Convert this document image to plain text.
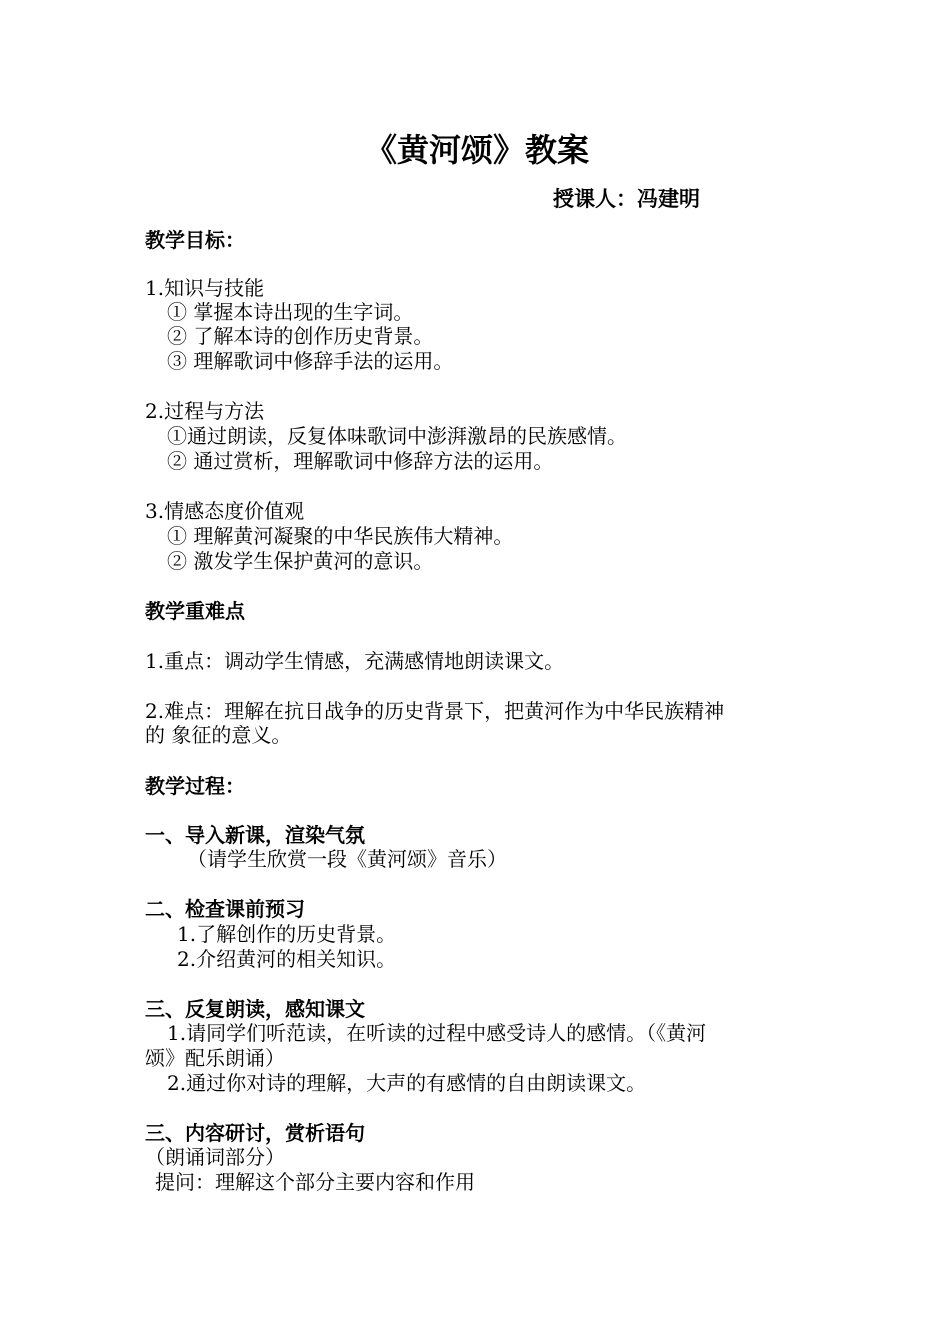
《黄河颂》教案
授课人：冯建明
教学目标：
1.知识与技能
① 掌握本诗出现的生字词。
② 了解本诗的创作历史背景。
③ 理解歌词中修辞手法的运用。
2.过程与方法
①通过朗读，反复体味歌词中澎湃激昂的民族感情。
② 通过赏析，理解歌词中修辞方法的运用。
3.情感态度价值观
① 理解黄河凝聚的中华民族伟大精神。
② 激发学生保护黄河的意识。
教学重难点
1.重点：调动学生情感，充满感情地朗读课文。
2.难点：理解在抗日战争的历史背景下，把黄河作为中华民族精神
的 象征的意义。
教学过程：
一、导入新课，渲染气氛
（请学生欣赏一段《黄河颂》音乐）
二、检查课前预习
1.了解创作的历史背景。
2.介绍黄河的相关知识。
三、反复朗读，感知课文
1.请同学们听范读，在听读的过程中感受诗人的感情。（《黄河
颂》配乐朗诵）
2.通过你对诗的理解，大声的有感情的自由朗读课文。
三、内容研讨，赏析语句
（朗诵词部分）
提问：理解这个部分主要内容和作用
